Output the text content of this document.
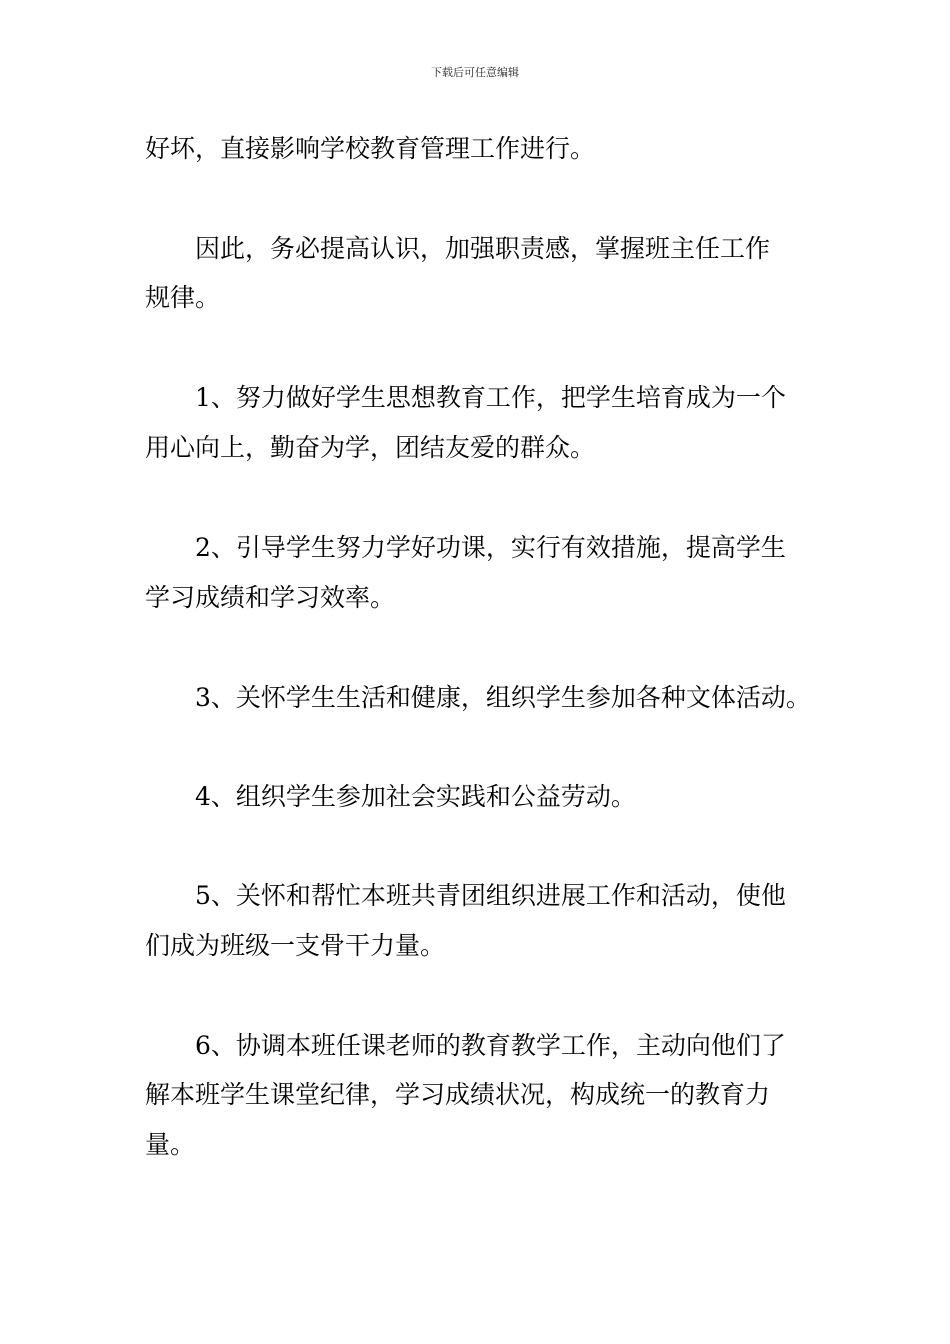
下载后可任意编辑
好坏，直接影响学校教育管理工作进行。
因此，务必提高认识，加强职责感，掌握班主任工作
规律。
1、努力做好学生思想教育工作，把学生培育成为一个
用心向上，勤奋为学，团结友爱的群众。
2、引导学生努力学好功课，实行有效措施，提高学生
学习成绩和学习效率。
3、关怀学生生活和健康，组织学生参加各种文体活动。
4、组织学生参加社会实践和公益劳动。
5、关怀和帮忙本班共青团组织进展工作和活动，使他
们成为班级一支骨干力量。
6、协调本班任课老师的教育教学工作，主动向他们了
解本班学生课堂纪律，学习成绩状况，构成统一的教育力
量。
